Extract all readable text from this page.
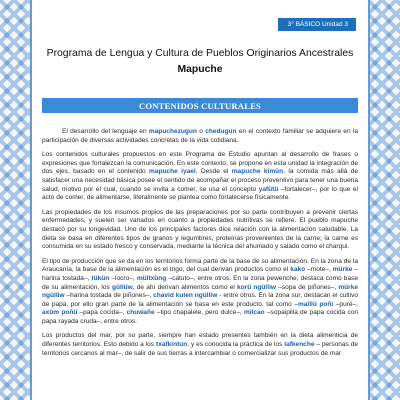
3° BÁSICO Unidad 3
Programa de Lengua y Cultura de Pueblos Originarios Ancestrales
Mapuche
CONTENIDOS CULTURALES

El desarrollo del lenguaje en mapuchezugun o chedugun en el contexto familiar se adquiere en la participación de diversas actividades concretas de la vida cotidiana.

Los contenidos culturales propuestos en este Programa de Estudio apuntan al desarrollo de frases o expresiones que fortalezcan la comunicación. En este contexto, se propone en esta unidad la integración de dos ejes, basado en el contenido mapuche iyael. Desde el mapuche kimün, la comida más allá de satisfacer una necesidad básica posee el sentido de acompañar el proceso preventivo para tener una buena salud, motivo por el cual, cuando se invita a comer, se usa el concepto yafütü –fortalecer–, por lo que el acto de comer, de alimentarse, literalmente se plantea como fortalecerse físicamente.

Las propiedades de los insumos propios de las preparaciones por su parte contribuyen a prevenir ciertas enfermedades, y suelen ser variados en cuanto a propiedades nutritivas se refiere. El pueblo mapuche destacó por su longevidad. Uno de los principales factores dice relación con la alimentación saludable. La dieta se basa en diferentes tipos de granos y legumbres, proteínas provenientes de la carne; la carne es consumida en su estado fresco y conservada, mediante la técnica del ahumado y salado como el charqui.

El tipo de producción que se da en los territorios forma parte de la base de su alimentación. En la zona de la Araucanía, la base de la alimentación es el trigo, del cual derivan productos como el kako –mote–, mürke –harina tostada–, tükün –locro–, mültxüng –catuto–, entre otros. En la zona pewenche, destaca como base de su alimentación, los güllüw, de ahí derivan alimentos como el korü ngülliw –sopa de piñones–, mürke ngülliw –harina tostada de piñones–, chavid kulen ngülliw - entre otros. En la zona sur, destacan el cultivo de papa, por ello gran parte de la alimentación se basa en este producto, tal como –malllü poñi –puré–, axüm poñü –papa cocida–, chuwañe –tipo chapalele, pero dulce–, milcao –sopaipilla de papa cocida con papa rayada cruda–, entre otros.

Los productos del mar, por su parte, siempre han estado presentes también en la dieta alimenticia de diferentes territorios. Esto debido a los txafkintun, y es conocida la práctica de los lafkenche – personas de territorios cercanos al mar–, de salir de sus tierras a intercambiar o comercializar sus productos de mar
